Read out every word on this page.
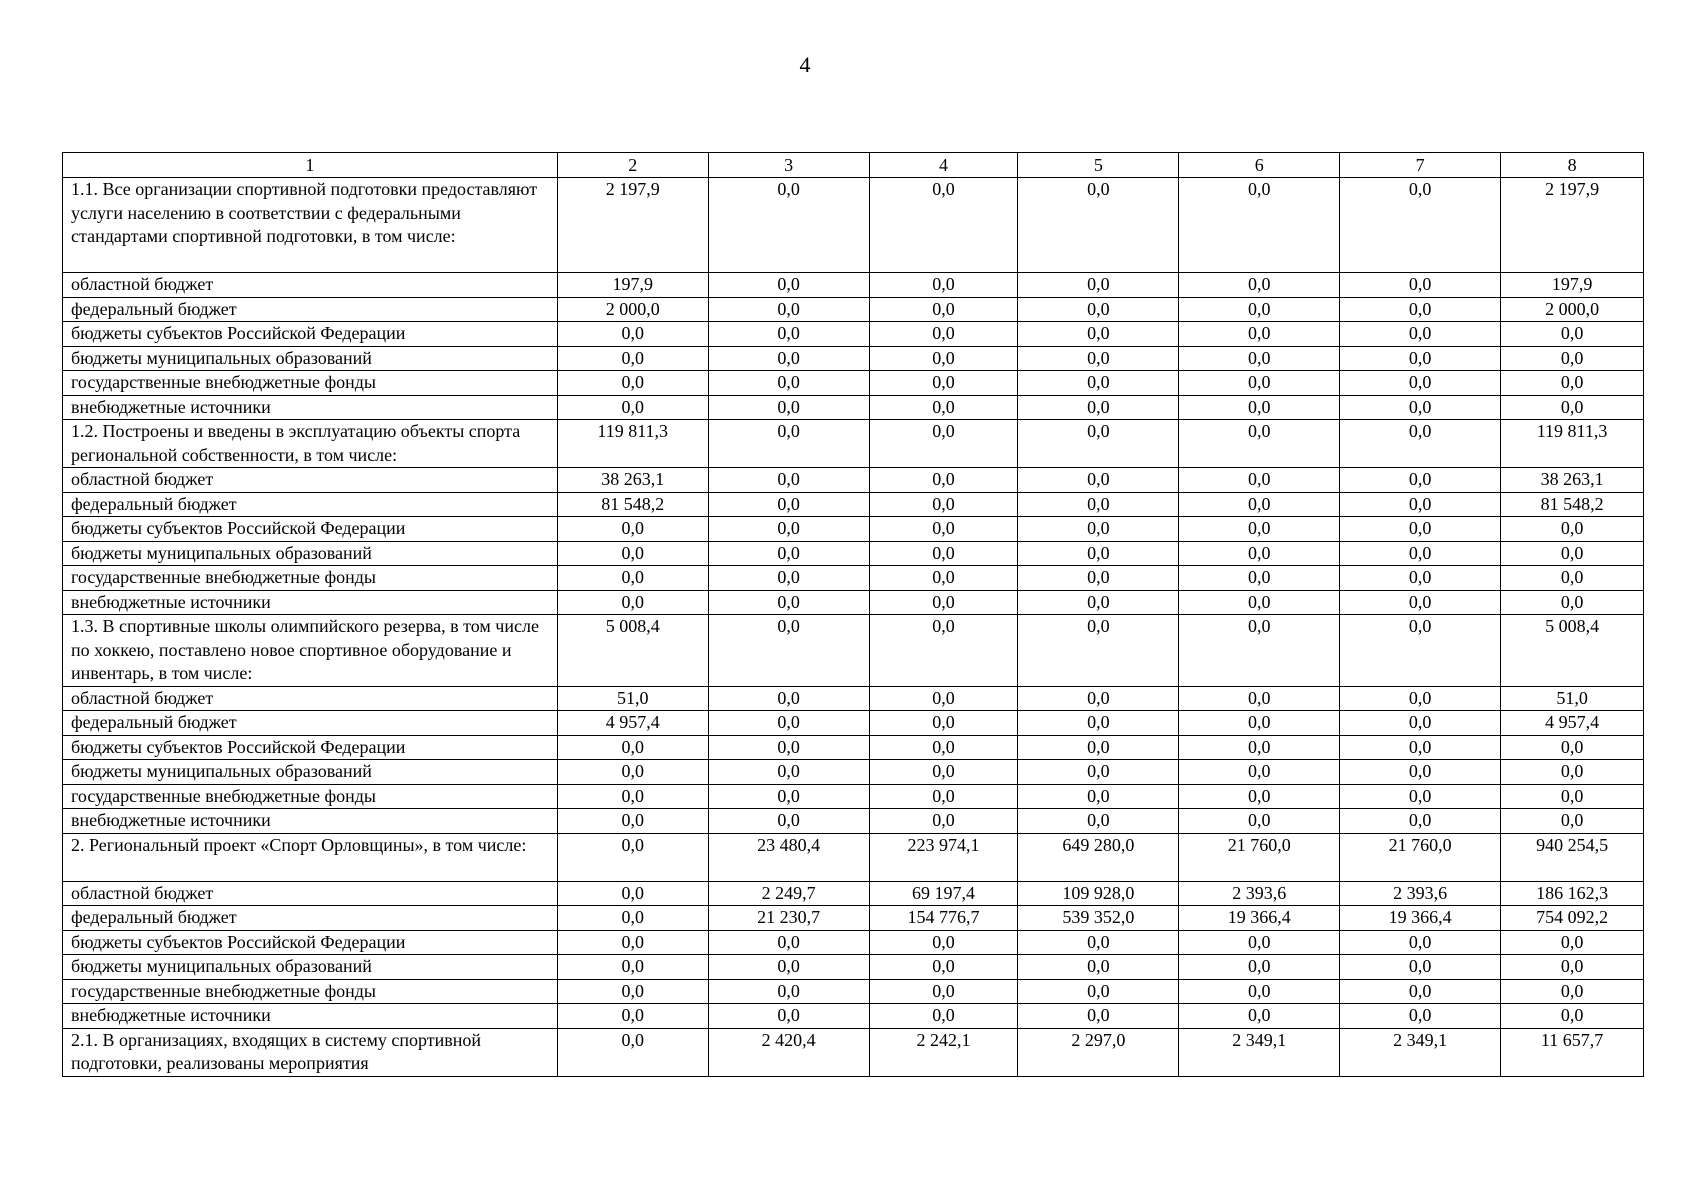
4
1	2	3	4	5	6	7	8
1.1. Все организации спортивной подготовки предоставляют услуги населению в соответствии с федеральными стандартами спортивной подготовки, в том числе:	2 197,9	0,0	0,0	0,0	0,0	0,0	2 197,9
областной бюджет	197,9	0,0	0,0	0,0	0,0	0,0	197,9
федеральный бюджет	2 000,0	0,0	0,0	0,0	0,0	0,0	2 000,0
бюджеты субъектов Российской Федерации	0,0	0,0	0,0	0,0	0,0	0,0	0,0
бюджеты муниципальных образований	0,0	0,0	0,0	0,0	0,0	0,0	0,0
государственные внебюджетные фонды	0,0	0,0	0,0	0,0	0,0	0,0	0,0
внебюджетные источники	0,0	0,0	0,0	0,0	0,0	0,0	0,0
1.2. Построены и введены в эксплуатацию объекты спорта региональной собственности, в том числе:	119 811,3	0,0	0,0	0,0	0,0	0,0	119 811,3
областной бюджет	38 263,1	0,0	0,0	0,0	0,0	0,0	38 263,1
федеральный бюджет	81 548,2	0,0	0,0	0,0	0,0	0,0	81 548,2
бюджеты субъектов Российской Федерации	0,0	0,0	0,0	0,0	0,0	0,0	0,0
бюджеты муниципальных образований	0,0	0,0	0,0	0,0	0,0	0,0	0,0
государственные внебюджетные фонды	0,0	0,0	0,0	0,0	0,0	0,0	0,0
внебюджетные источники	0,0	0,0	0,0	0,0	0,0	0,0	0,0
1.3. В спортивные школы олимпийского резерва, в том числе по хоккею, поставлено новое спортивное оборудование и инвентарь, в том числе:	5 008,4	0,0	0,0	0,0	0,0	0,0	5 008,4
областной бюджет	51,0	0,0	0,0	0,0	0,0	0,0	51,0
федеральный бюджет	4 957,4	0,0	0,0	0,0	0,0	0,0	4 957,4
бюджеты субъектов Российской Федерации	0,0	0,0	0,0	0,0	0,0	0,0	0,0
бюджеты муниципальных образований	0,0	0,0	0,0	0,0	0,0	0,0	0,0
государственные внебюджетные фонды	0,0	0,0	0,0	0,0	0,0	0,0	0,0
внебюджетные источники	0,0	0,0	0,0	0,0	0,0	0,0	0,0
2. Региональный проект «Спорт Орловщины», в том числе:	0,0	23 480,4	223 974,1	649 280,0	21 760,0	21 760,0	940 254,5
областной бюджет	0,0	2 249,7	69 197,4	109 928,0	2 393,6	2 393,6	186 162,3
федеральный бюджет	0,0	21 230,7	154 776,7	539 352,0	19 366,4	19 366,4	754 092,2
бюджеты субъектов Российской Федерации	0,0	0,0	0,0	0,0	0,0	0,0	0,0
бюджеты муниципальных образований	0,0	0,0	0,0	0,0	0,0	0,0	0,0
государственные внебюджетные фонды	0,0	0,0	0,0	0,0	0,0	0,0	0,0
внебюджетные источники	0,0	0,0	0,0	0,0	0,0	0,0	0,0
2.1. В организациях, входящих в систему спортивной подготовки, реализованы мероприятия	0,0	2 420,4	2 242,1	2 297,0	2 349,1	2 349,1	11 657,7
